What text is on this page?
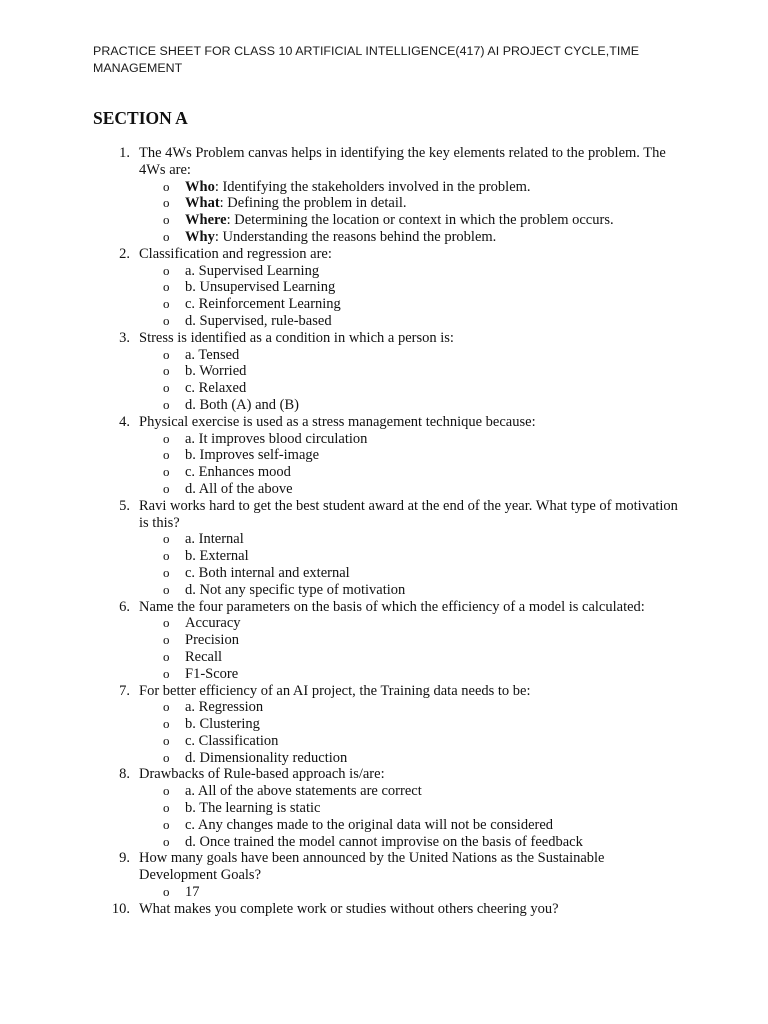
PRACTICE SHEET FOR CLASS 10 ARTIFICIAL INTELLIGENCE(417) AI PROJECT CYCLE,TIME
MANAGEMENT
SECTION A
1. The 4Ws Problem canvas helps in identifying the key elements related to the problem. The 4Ws are:
o Who: Identifying the stakeholders involved in the problem.
o What: Defining the problem in detail.
o Where: Determining the location or context in which the problem occurs.
o Why: Understanding the reasons behind the problem.
2. Classification and regression are:
o a. Supervised Learning
o b. Unsupervised Learning
o c. Reinforcement Learning
o d. Supervised, rule-based
3. Stress is identified as a condition in which a person is:
o a. Tensed
o b. Worried
o c. Relaxed
o d. Both (A) and (B)
4. Physical exercise is used as a stress management technique because:
o a. It improves blood circulation
o b. Improves self-image
o c. Enhances mood
o d. All of the above
5. Ravi works hard to get the best student award at the end of the year. What type of motivation is this?
o a. Internal
o b. External
o c. Both internal and external
o d. Not any specific type of motivation
6. Name the four parameters on the basis of which the efficiency of a model is calculated:
o Accuracy
o Precision
o Recall
o F1-Score
7. For better efficiency of an AI project, the Training data needs to be:
o a. Regression
o b. Clustering
o c. Classification
o d. Dimensionality reduction
8. Drawbacks of Rule-based approach is/are:
o a. All of the above statements are correct
o b. The learning is static
o c. Any changes made to the original data will not be considered
o d. Once trained the model cannot improvise on the basis of feedback
9. How many goals have been announced by the United Nations as the Sustainable Development Goals?
o 17
10. What makes you complete work or studies without others cheering you?
